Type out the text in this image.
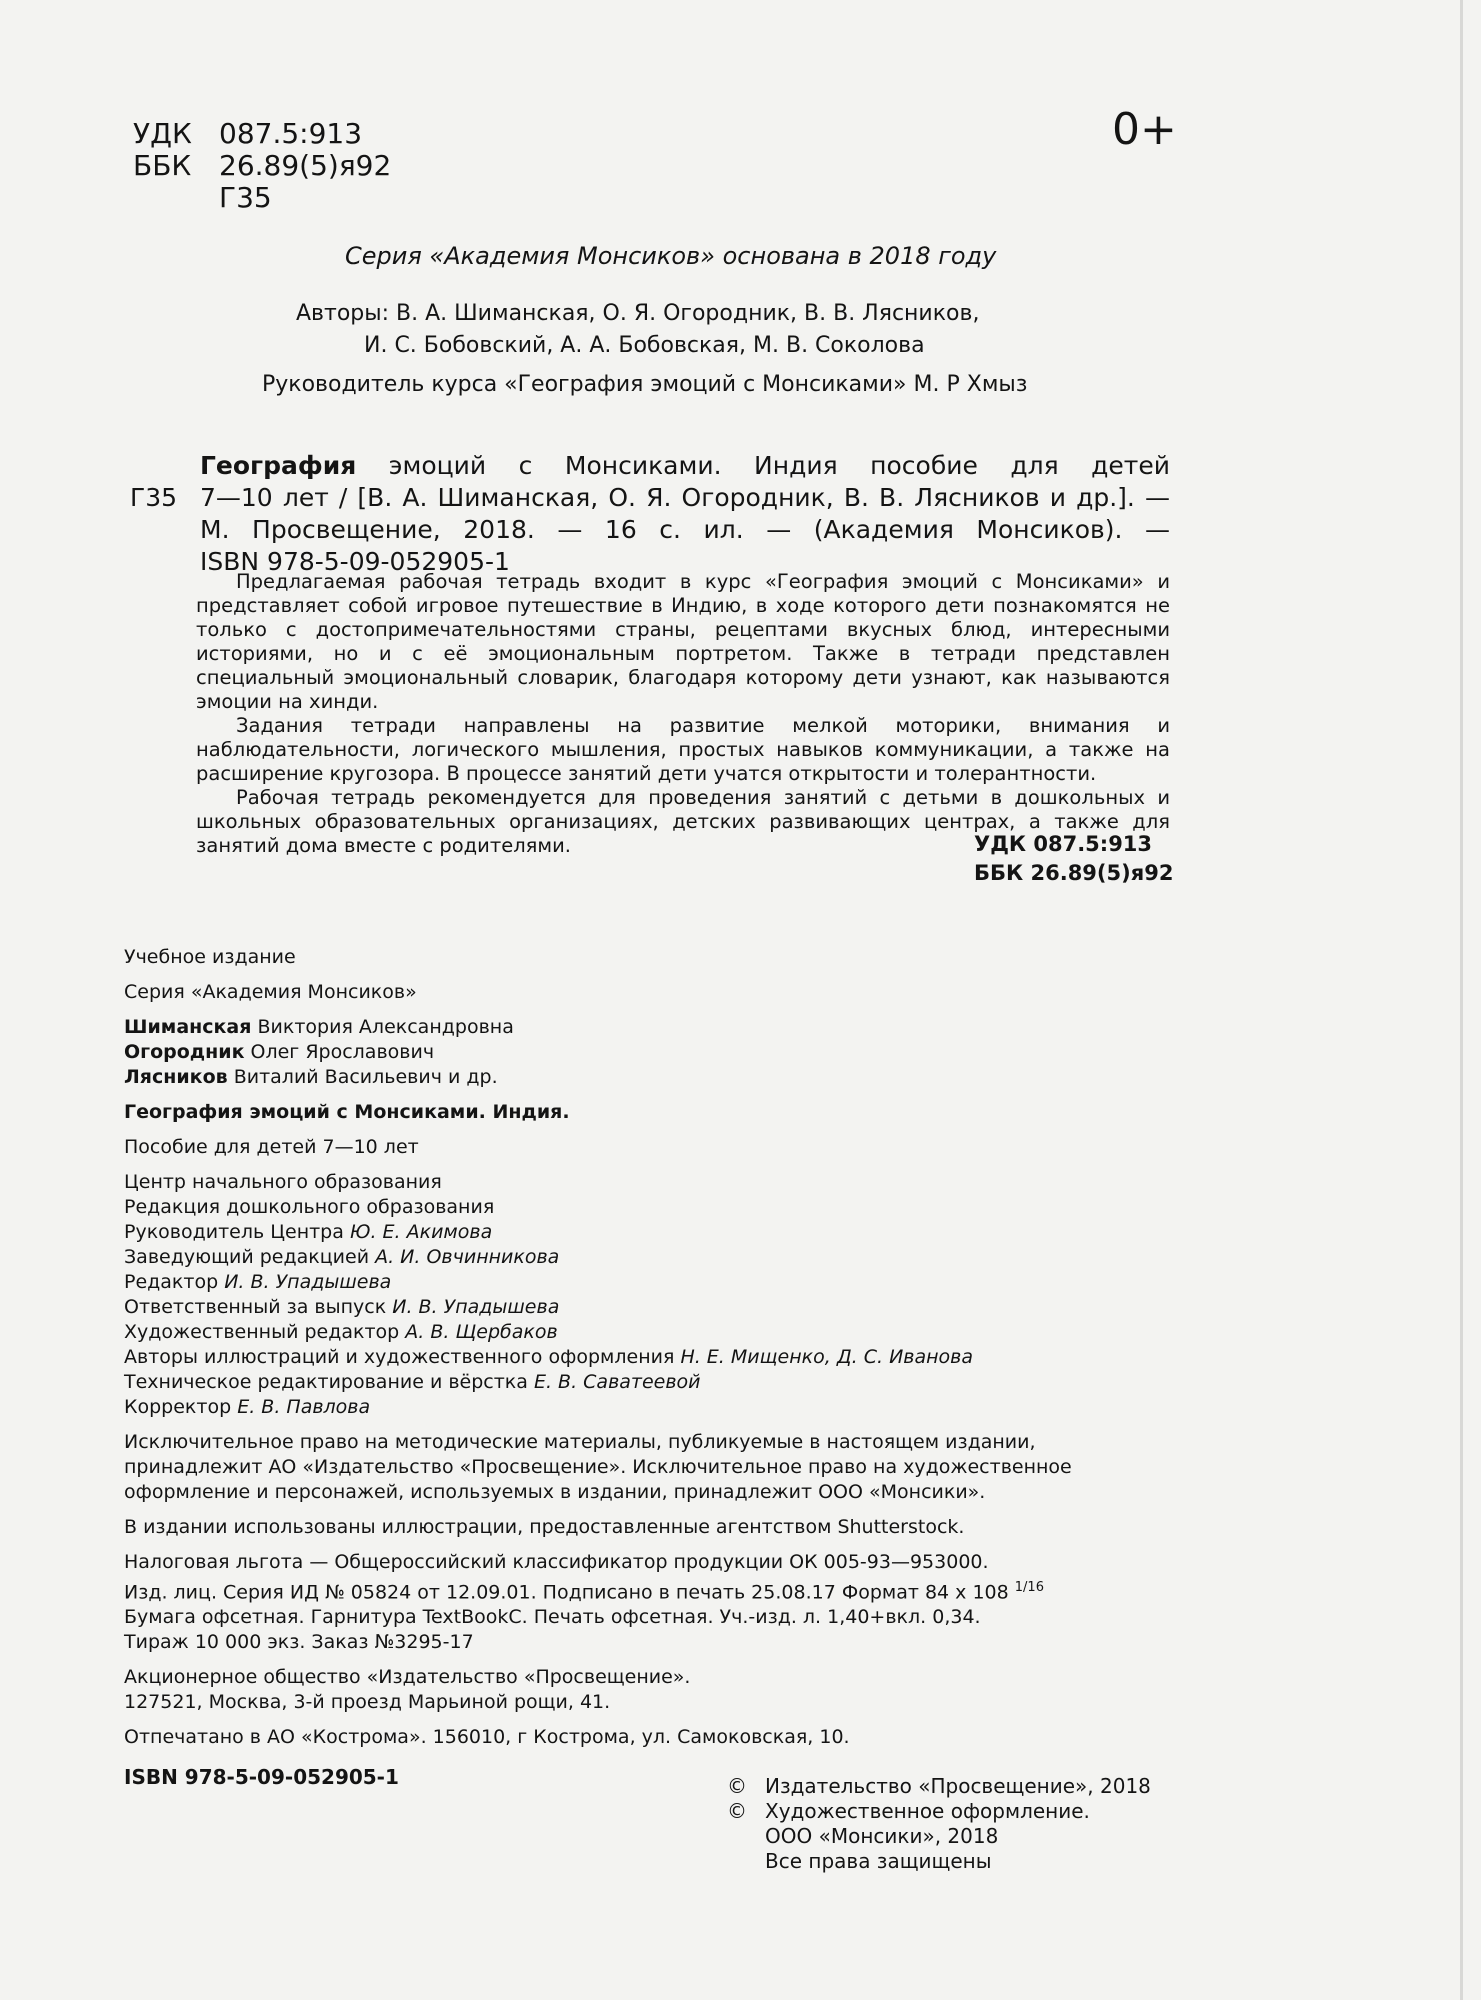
УДК 087.5:913
ББК 26.89(5)я92
Г35
0+
Серия «Академия Монсиков» основана в 2018 году
Авторы: В. А. Шиманская, О. Я. Огородник, В. В. Лясников,
И. С. Бобовский, А. А. Бобовская, М. В. Соколова
Руководитель курса «География эмоций с Монсиками» М. Р Хмыз
География эмоций с Монсиками. Индия пособие для детей
Г35 7—10 лет / [В. А. Шиманская, О. Я. Огородник, В. В. Лясников и др.]. —
М. Просвещение, 2018. — 16 с. ил. — (Академия Монсиков). —
ISBN 978-5-09-052905-1

Предлагаемая рабочая тетрадь входит в курс «География эмоций с Монсиками» и представляет собой игровое путешествие в Индию, в ходе которого дети познакомятся не только с достопримечательностями страны, рецептами вкусных блюд, интересными историями, но и с её эмоциональным портретом. Также в тетради представлен специальный эмоциональный словарик, благодаря которому дети узнают, как называются эмоции на хинди.

Задания тетради направлены на развитие мелкой моторики, внимания и наблюдательности, логического мышления, простых навыков коммуникации, а также на расширение кругозора. В процессе занятий дети учатся открытости и толерантности.

Рабочая тетрадь рекомендуется для проведения занятий с детьми в дошкольных и школьных образовательных организациях, детских развивающих центрах, а также для занятий дома вместе с родителями.	УДК 087.5:913
ББК 26.89(5)я92
Учебное издание
Серия «Академия Монсиков»
Шиманская Виктория Александровна
Огородник Олег Ярославович
Лясников Виталий Васильевич и др.
География эмоций с Монсиками. Индия.
Пособие для детей 7—10 лет
Центр начального образования
Редакция дошкольного образования
Руководитель Центра Ю. Е. Акимова
Заведующий редакцией А. И. Овчинникова
Редактор И. В. Упадышева
Ответственный за выпуск И. В. Упадышева
Художественный редактор А. В. Щербаков
Авторы иллюстраций и художественного оформления Н. Е. Мищенко, Д. С. Иванова
Техническое редактирование и вёрстка Е. В. Саватеевой
Корректор Е. В. Павлова
Исключительное право на методические материалы, публикуемые в настоящем издании,
принадлежит АО «Издательство «Просвещение». Исключительное право на художественное
оформление и персонажей, используемых в издании, принадлежит ООО «Монсики».
В издании использованы иллюстрации, предоставленные агентством Shutterstock.
Налоговая льгота — Общероссийский классификатор продукции ОК 005-93—953000.
Изд. лиц. Серия ИД № 05824 от 12.09.01. Подписано в печать 25.08.17 Формат 84 х 108 $^{1/16}$
Бумага офсетная. Гарнитура TextBookC. Печать офсетная. Уч.-изд. л. 1,40+вкл. 0,34.
Тираж 10 000 экз. Заказ №3295-17
Акционерное общество «Издательство «Просвещение».
127521, Москва, 3-й проезд Марьиной рощи, 41.
Отпечатано в АО «Кострома». 156010, г Кострома, ул. Самоковская, 10.
ISBN 978-5-09-052905-1	© Издательство «Просвещение», 2018
© Художественное оформление.
ООО «Монсики», 2018
Все права защищены
